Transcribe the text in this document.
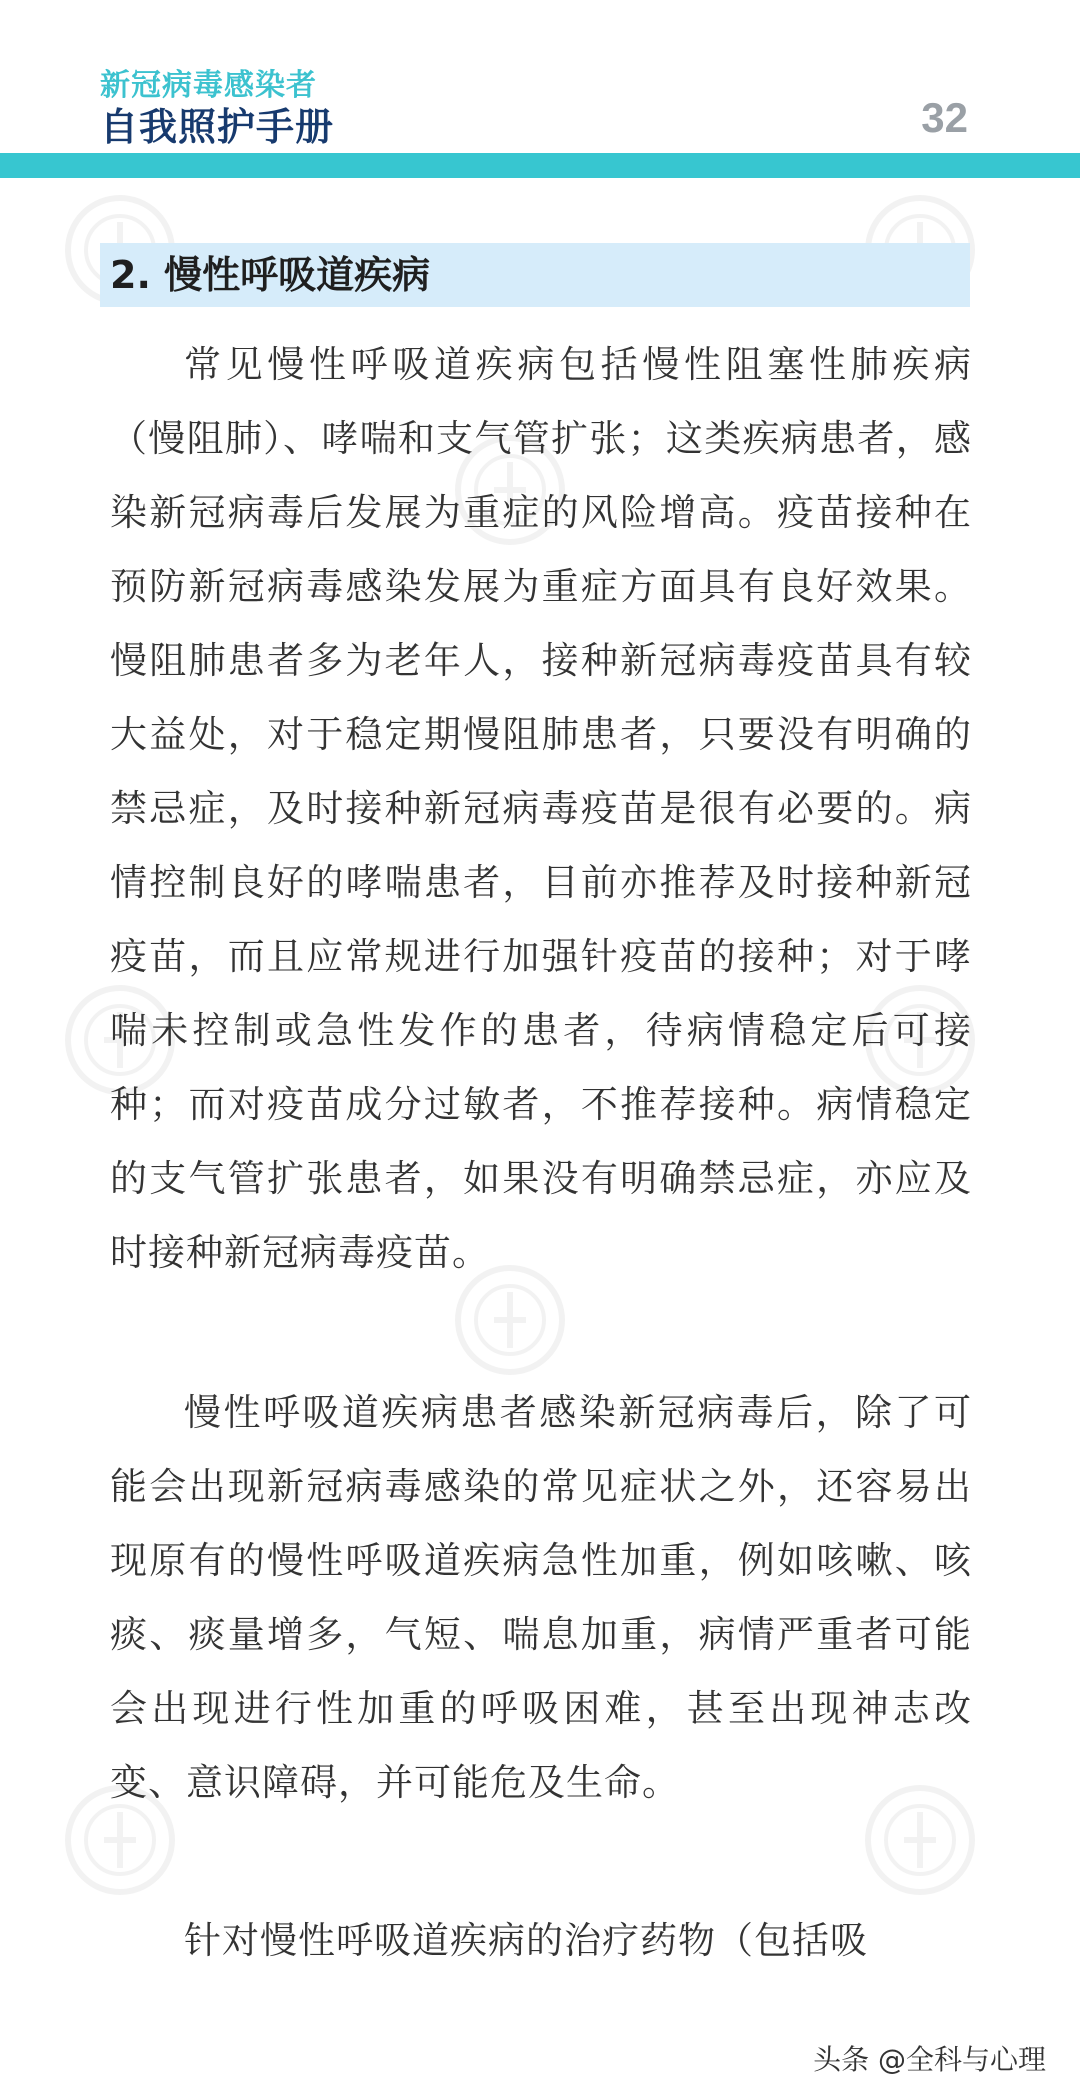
新冠病毒感染者
自我照护手册	32
2. 慢性呼吸道疾病

常见慢性呼吸道疾病包括慢性阻塞性肺疾病（慢阻肺）、哮喘和支气管扩张；这类疾病患者，感染新冠病毒后发展为重症的风险增高。疫苗接种在预防新冠病毒感染发展为重症方面具有良好效果。慢阻肺患者多为老年人，接种新冠病毒疫苗具有较大益处，对于稳定期慢阻肺患者，只要没有明确的禁忌症，及时接种新冠病毒疫苗是很有必要的。病情控制良好的哮喘患者，目前亦推荐及时接种新冠疫苗，而且应常规进行加强针疫苗的接种；对于哮喘未控制或急性发作的患者，待病情稳定后可接种；而对疫苗成分过敏者，不推荐接种。病情稳定的支气管扩张患者，如果没有明确禁忌症，亦应及时接种新冠病毒疫苗。

慢性呼吸道疾病患者感染新冠病毒后，除了可能会出现新冠病毒感染的常见症状之外，还容易出现原有的慢性呼吸道疾病急性加重，例如咳嗽、咳痰、痰量增多，气短、喘息加重，病情严重者可能会出现进行性加重的呼吸困难，甚至出现神志改变、意识障碍，并可能危及生命。

针对慢性呼吸道疾病的治疗药物（包括吸

头条 @全科与心理
